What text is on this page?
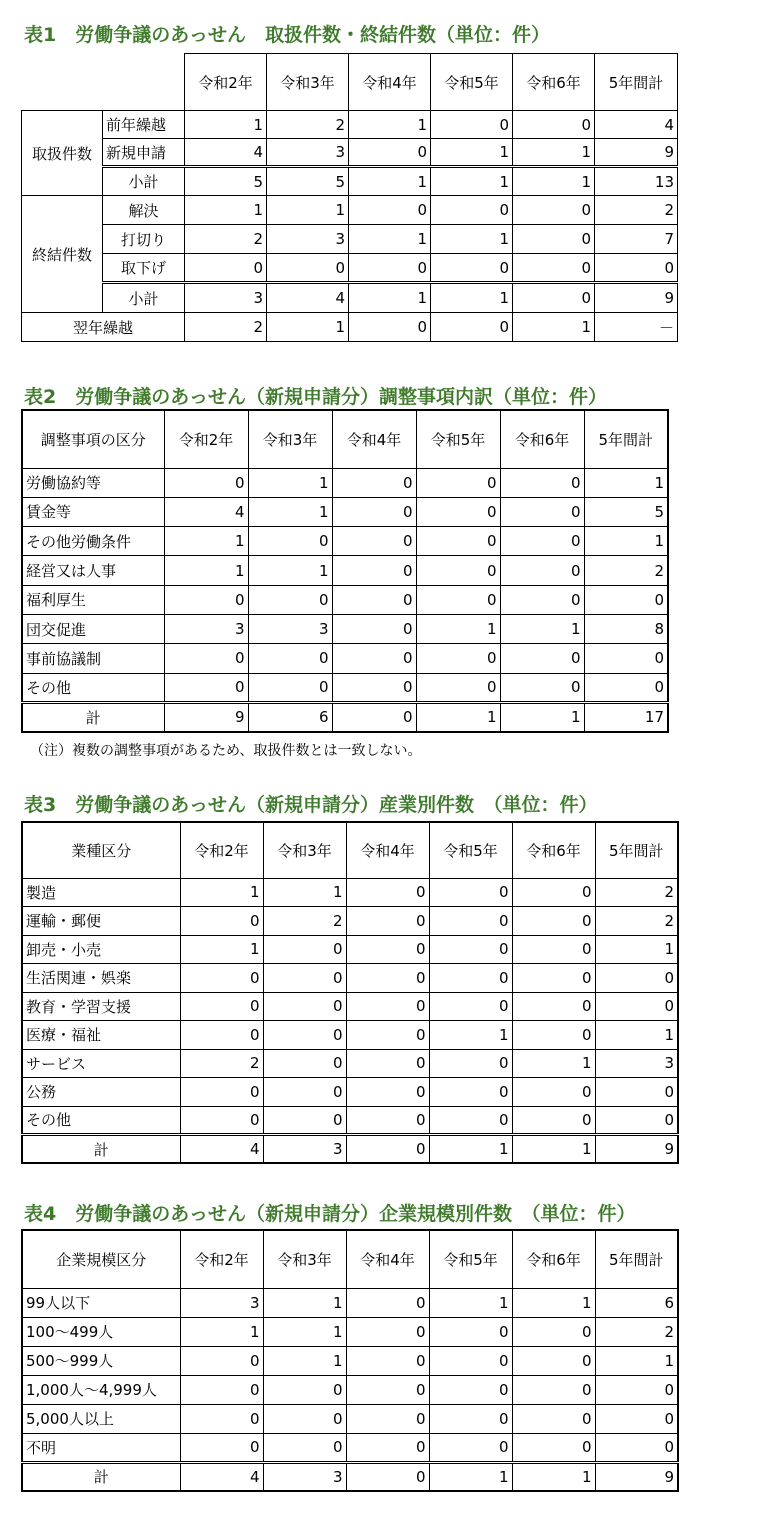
表1　労働争議のあっせん　取扱件数・終結件数（単位：件）
		令和2年	令和3年	令和4年	令和5年	令和6年	5年間計
取扱件数	前年繰越	1	2	1	0	0	4
	新規申請	4	3	0	1	1	9
	小計	5	5	1	1	1	13
終結件数	解決	1	1	0	0	0	2
	打切り	2	3	1	1	0	7
	取下げ	0	0	0	0	0	0
	小計	3	4	1	1	0	9
翌年繰越		2	1	0	0	1	－
表2　労働争議のあっせん（新規申請分）調整事項内訳（単位：件）
調整事項の区分	令和2年	令和3年	令和4年	令和5年	令和6年	5年間計
労働協約等	0	1	0	0	0	1
賃金等	4	1	0	0	0	5
その他労働条件	1	0	0	0	0	1
経営又は人事	1	1	0	0	0	2
福利厚生	0	0	0	0	0	0
団交促進	3	3	0	1	1	8
事前協議制	0	0	0	0	0	0
その他	0	0	0	0	0	0
計	9	6	0	1	1	17
（注）複数の調整事項があるため、取扱件数とは一致しない。
表3　労働争議のあっせん（新規申請分）産業別件数　（単位：件）
業種区分	令和2年	令和3年	令和4年	令和5年	令和6年	5年間計
製造	1	1	0	0	0	2
運輸・郵便	0	2	0	0	0	2
卸売・小売	1	0	0	0	0	1
生活関連・娯楽	0	0	0	0	0	0
教育・学習支援	0	0	0	0	0	0
医療・福祉	0	0	0	1	0	1
サービス	2	0	0	0	1	3
公務	0	0	0	0	0	0
その他	0	0	0	0	0	0
計	4	3	0	1	1	9
表4　労働争議のあっせん（新規申請分）企業規模別件数　（単位：件）
企業規模区分	令和2年	令和3年	令和4年	令和5年	令和6年	5年間計
99人以下	3	1	0	1	1	6
100～499人	1	1	0	0	0	2
500～999人	0	1	0	0	0	1
1,000人～4,999人	0	0	0	0	0	0
5,000人以上	0	0	0	0	0	0
不明	0	0	0	0	0	0
計	4	3	0	1	1	9
